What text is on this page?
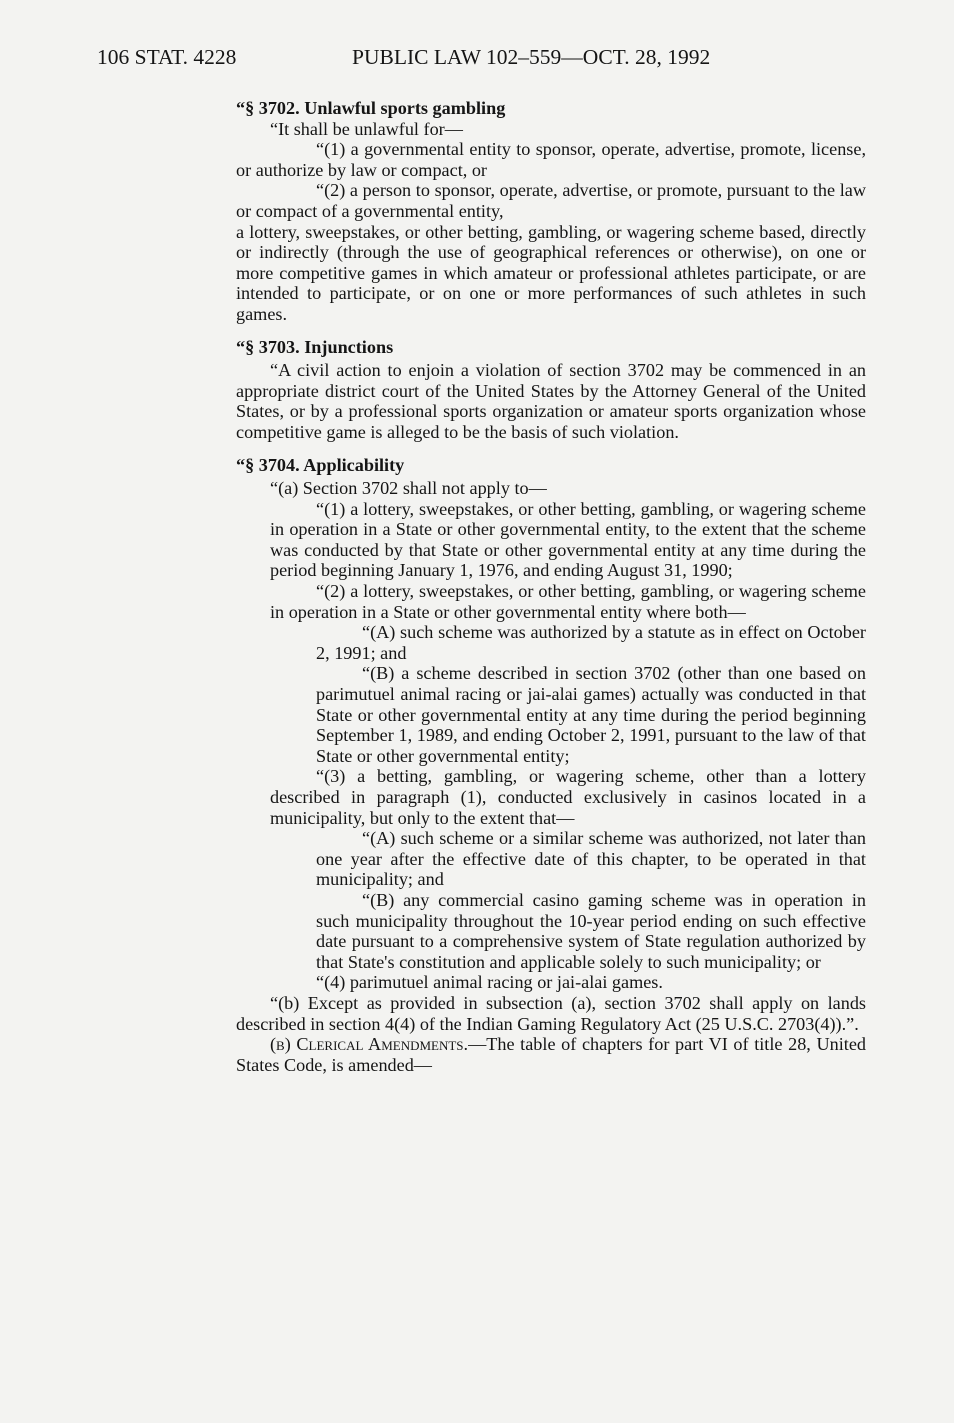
106 STAT. 4228	PUBLIC LAW 102–559—OCT. 28, 1992

“§ 3702. Unlawful sports gambling

“It shall be unlawful for—

“(1) a governmental entity to sponsor, operate, advertise, promote, license, or authorize by law or compact, or

“(2) a person to sponsor, operate, advertise, or promote, pursuant to the law or compact of a governmental entity,

a lottery, sweepstakes, or other betting, gambling, or wagering scheme based, directly or indirectly (through the use of geographical references or otherwise), on one or more competitive games in which amateur or professional athletes participate, or are intended to participate, or on one or more performances of such athletes in such games.

“§ 3703. Injunctions

“A civil action to enjoin a violation of section 3702 may be commenced in an appropriate district court of the United States by the Attorney General of the United States, or by a professional sports organization or amateur sports organization whose competitive game is alleged to be the basis of such violation.

“§ 3704. Applicability

“(a) Section 3702 shall not apply to—

“(1) a lottery, sweepstakes, or other betting, gambling, or wagering scheme in operation in a State or other governmental entity, to the extent that the scheme was conducted by that State or other governmental entity at any time during the period beginning January 1, 1976, and ending August 31, 1990;

“(2) a lottery, sweepstakes, or other betting, gambling, or wagering scheme in operation in a State or other governmental entity where both—

“(A) such scheme was authorized by a statute as in effect on October 2, 1991; and

“(B) a scheme described in section 3702 (other than one based on parimutuel animal racing or jai-alai games) actually was conducted in that State or other governmental entity at any time during the period beginning September 1, 1989, and ending October 2, 1991, pursuant to the law of that State or other governmental entity;

“(3) a betting, gambling, or wagering scheme, other than a lottery described in paragraph (1), conducted exclusively in casinos located in a municipality, but only to the extent that—

“(A) such scheme or a similar scheme was authorized, not later than one year after the effective date of this chapter, to be operated in that municipality; and

“(B) any commercial casino gaming scheme was in operation in such municipality throughout the 10-year period ending on such effective date pursuant to a comprehensive system of State regulation authorized by that State's constitution and applicable solely to such municipality; or

“(4) parimutuel animal racing or jai-alai games.

“(b) Except as provided in subsection (a), section 3702 shall apply on lands described in section 4(4) of the Indian Gaming Regulatory Act (25 U.S.C. 2703(4)).”.

(b) Clerical Amendments.—The table of chapters for part VI of title 28, United States Code, is amended—
